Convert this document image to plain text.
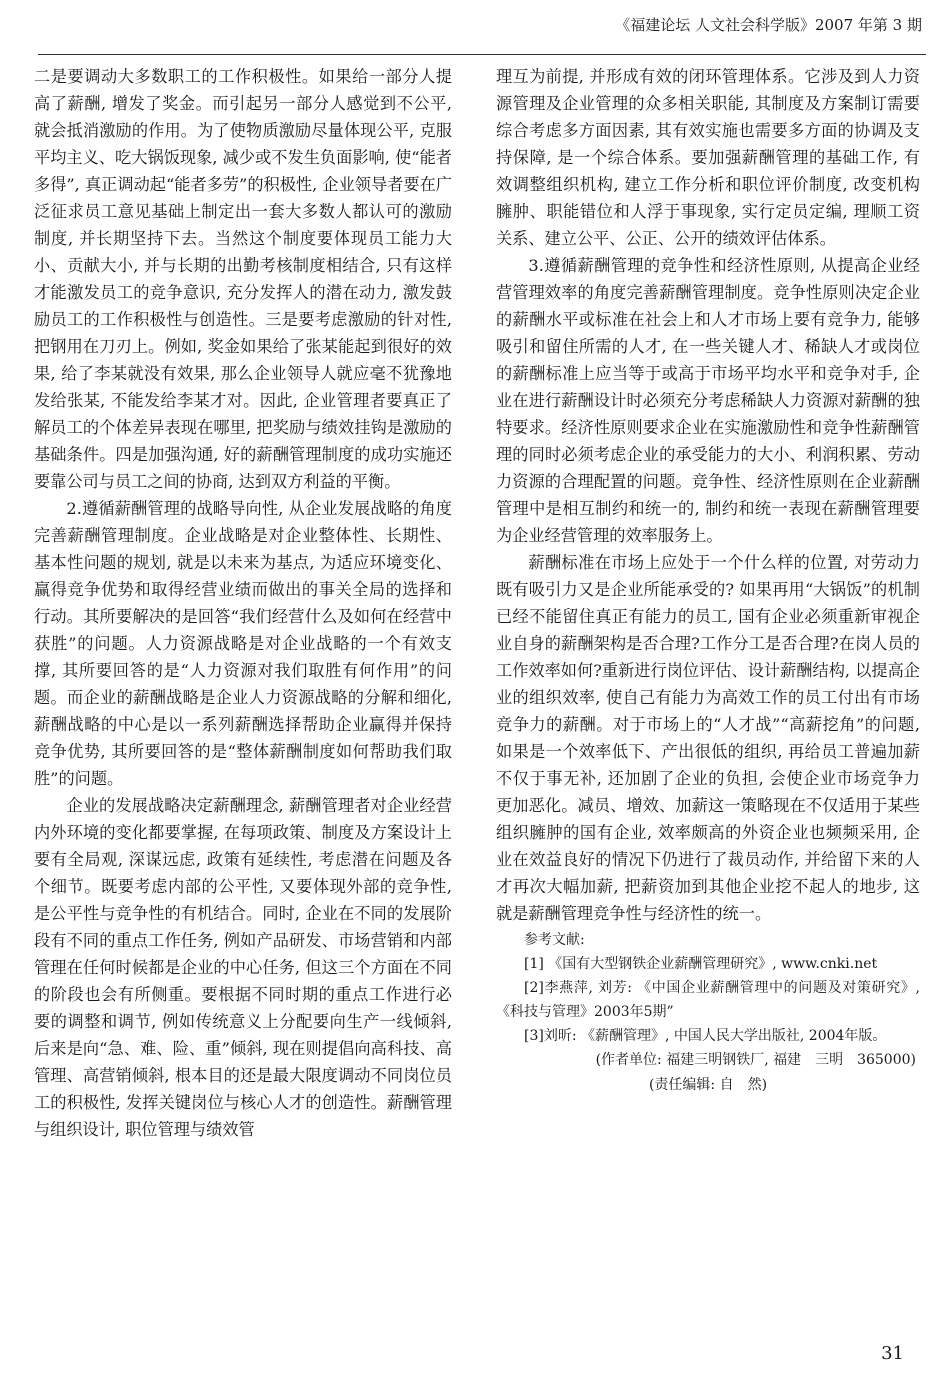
《福建论坛 人文社会科学版》2007 年第 3 期

二是要调动大多数职工的工作积极性。如果给一部分人提高了薪酬, 增发了奖金。而引起另一部分人感觉到不公平, 就会抵消激励的作用。为了使物质激励尽量体现公平, 克服平均主义、吃大锅饭现象, 减少或不发生负面影响, 使“能者多得”, 真正调动起“能者多劳”的积极性, 企业领导者要在广泛征求员工意见基础上制定出一套大多数人都认可的激励制度, 并长期坚持下去。当然这个制度要体现员工能力大小、贡献大小, 并与长期的出勤考核制度相结合, 只有这样才能激发员工的竞争意识, 充分发挥人的潜在动力, 激发鼓励员工的工作积极性与创造性。三是要考虑激励的针对性, 把钢用在刀刃上。例如, 奖金如果给了张某能起到很好的效果, 给了李某就没有效果, 那么企业领导人就应毫不犹豫地发给张某, 不能发给李某才对。因此, 企业管理者要真正了解员工的个体差异表现在哪里, 把奖励与绩效挂钩是激励的基础条件。四是加强沟通, 好的薪酬管理制度的成功实施还要靠公司与员工之间的协商, 达到双方利益的平衡。

2.遵循薪酬管理的战略导向性, 从企业发展战略的角度完善薪酬管理制度。企业战略是对企业整体性、长期性、基本性问题的规划, 就是以未来为基点, 为适应环境变化、赢得竞争优势和取得经营业绩而做出的事关全局的选择和行动。其所要解决的是回答“我们经营什么及如何在经营中获胜”的问题。人力资源战略是对企业战略的一个有效支撑, 其所要回答的是“人力资源对我们取胜有何作用”的问题。而企业的薪酬战略是企业人力资源战略的分解和细化, 薪酬战略的中心是以一系列薪酬选择帮助企业赢得并保持竞争优势, 其所要回答的是“整体薪酬制度如何帮助我们取胜”的问题。

企业的发展战略决定薪酬理念, 薪酬管理者对企业经营内外环境的变化都要掌握, 在每项政策、制度及方案设计上要有全局观, 深谋远虑, 政策有延续性, 考虑潜在问题及各个细节。既要考虑内部的公平性, 又要体现外部的竞争性, 是公平性与竞争性的有机结合。同时, 企业在不同的发展阶段有不同的重点工作任务, 例如产品研发、市场营销和内部管理在任何时候都是企业的中心任务, 但这三个方面在不同的阶段也会有所侧重。要根据不同时期的重点工作进行必要的调整和调节, 例如传统意义上分配要向生产一线倾斜, 后来是向“急、难、险、重”倾斜, 现在则提倡向高科技、高管理、高营销倾斜, 根本目的还是最大限度调动不同岗位员工的积极性, 发挥关键岗位与核心人才的创造性。薪酬管理与组织设计, 职位管理与绩效管

理互为前提, 并形成有效的闭环管理体系。它涉及到人力资源管理及企业管理的众多相关职能, 其制度及方案制订需要综合考虑多方面因素, 其有效实施也需要多方面的协调及支持保障, 是一个综合体系。要加强薪酬管理的基础工作, 有效调整组织机构, 建立工作分析和职位评价制度, 改变机构臃肿、职能错位和人浮于事现象, 实行定员定编, 理顺工资关系、建立公平、公正、公开的绩效评估体系。

3.遵循薪酬管理的竞争性和经济性原则, 从提高企业经营管理效率的角度完善薪酬管理制度。竞争性原则决定企业的薪酬水平或标准在社会上和人才市场上要有竞争力, 能够吸引和留住所需的人才, 在一些关键人才、稀缺人才或岗位的薪酬标准上应当等于或高于市场平均水平和竞争对手, 企业在进行薪酬设计时必须充分考虑稀缺人力资源对薪酬的独特要求。经济性原则要求企业在实施激励性和竞争性薪酬管理的同时必须考虑企业的承受能力的大小、利润积累、劳动力资源的合理配置的问题。竞争性、经济性原则在企业薪酬管理中是相互制约和统一的, 制约和统一表现在薪酬管理要为企业经营管理的效率服务上。

薪酬标准在市场上应处于一个什么样的位置, 对劳动力既有吸引力又是企业所能承受的? 如果再用“大锅饭”的机制已经不能留住真正有能力的员工, 国有企业必须重新审视企业自身的薪酬架构是否合理?工作分工是否合理?在岗人员的工作效率如何?重新进行岗位评估、设计薪酬结构, 以提高企业的组织效率, 使自己有能力为高效工作的员工付出有市场竞争力的薪酬。对于市场上的“人才战”“高薪挖角”的问题, 如果是一个效率低下、产出很低的组织, 再给员工普遍加薪不仅于事无补, 还加剧了企业的负担, 会使企业市场竞争力更加恶化。减员、增效、加薪这一策略现在不仅适用于某些组织臃肿的国有企业, 效率颇高的外资企业也频频采用, 企业在效益良好的情况下仍进行了裁员动作, 并给留下来的人才再次大幅加薪, 把薪资加到其他企业挖不起人的地步, 这就是薪酬管理竞争性与经济性的统一。

参考文献:
[1] 《国有大型钢铁企业薪酬管理研究》, www.cnki.net
[2]李燕萍, 刘芳: 《中国企业薪酬管理中的问题及对策研究》, 《科技与管理》2003年5期”
[3]刘昕: 《薪酬管理》, 中国人民大学出版社, 2004年版。
(作者单位: 福建三明钢铁厂, 福建　三明　365000)
(责任编辑: 自　然)
31
